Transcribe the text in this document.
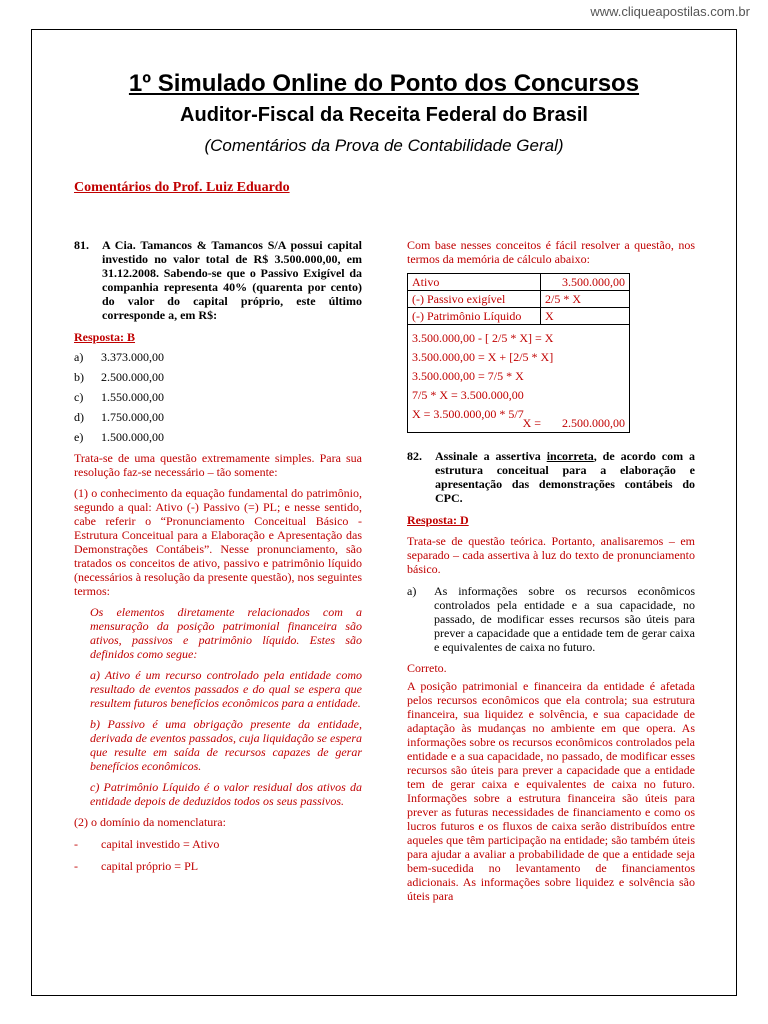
www.cliqueapostilas.com.br
1º Simulado Online do Ponto dos Concursos
Auditor-Fiscal da Receita Federal do Brasil
(Comentários da Prova de Contabilidade Geral)
Comentários do Prof. Luiz Eduardo
81.	A Cia. Tamancos & Tamancos S/A possui capital investido no valor total de R$ 3.500.000,00, em 31.12.2008. Sabendo-se que o Passivo Exigível da companhia representa 40% (quarenta por cento) do valor do capital próprio, este último corresponde a, em R$:
Resposta: B
a)	3.373.000,00
b)	2.500.000,00
c)	1.550.000,00
d)	1.750.000,00
e)	1.500.000,00
Trata-se de uma questão extremamente simples. Para sua resolução faz-se necessário – tão somente:
(1) o conhecimento da equação fundamental do patrimônio, segundo a qual: Ativo (-) Passivo (=) PL; e nesse sentido, cabe referir o “Pronunciamento Conceitual Básico - Estrutura Conceitual para a Elaboração e Apresentação das Demonstrações Contábeis”. Nesse pronunciamento, são tratados os conceitos de ativo, passivo e patrimônio líquido (necessários à resolução da presente questão), nos seguintes termos:
Os elementos diretamente relacionados com a mensuração da posição patrimonial financeira são ativos, passivos e patrimônio líquido. Estes são definidos como segue:
a) Ativo é um recurso controlado pela entidade como resultado de eventos passados e do qual se espera que resultem futuros benefícios econômicos para a entidade.
b) Passivo é uma obrigação presente da entidade, derivada de eventos passados, cuja liquidação se espera que resulte em saída de recursos capazes de gerar benefícios econômicos.
c) Patrimônio Líquido é o valor residual dos ativos da entidade depois de deduzidos todos os seus passivos.
(2) o domínio da nomenclatura:
-	capital investido = Ativo
-	capital próprio = PL
Com base nesses conceitos é fácil resolver a questão, nos termos da memória de cálculo abaixo:
Ativo	3.500.000,00
(-) Passivo exigível	2/5 * X
(-) Patrimônio Líquido	X
3.500.000,00 - [ 2/5 * X] = X
3.500.000,00 = X + [2/5 * X]
3.500.000,00 = 7/5 * X
7/5 * X = 3.500.000,00
X = 3.500.000,00 * 5/7
X =       2.500.000,00
82.	Assinale a assertiva incorreta, de acordo com a estrutura conceitual para a elaboração e apresentação das demonstrações contábeis do CPC.
Resposta: D
Trata-se de questão teórica. Portanto, analisaremos – em separado – cada assertiva à luz do texto de pronunciamento básico.
a)	As informações sobre os recursos econômicos controlados pela entidade e a sua capacidade, no passado, de modificar esses recursos são úteis para prever a capacidade que a entidade tem de gerar caixa e equivalentes de caixa no futuro.
Correto.
A posição patrimonial e financeira da entidade é afetada pelos recursos econômicos que ela controla; sua estrutura financeira, sua liquidez e solvência, e sua capacidade de adaptação às mudanças no ambiente em que opera. As informações sobre os recursos econômicos controlados pela entidade e a sua capacidade, no passado, de modificar esses recursos são úteis para prever a capacidade que a entidade tem de gerar caixa e equivalentes de caixa no futuro. Informações sobre a estrutura financeira são úteis para prever as futuras necessidades de financiamento e como os lucros futuros e os fluxos de caixa serão distribuídos entre aqueles que têm participação na entidade; são também úteis para ajudar a avaliar a probabilidade de que a entidade seja bem-sucedida no levantamento de financiamentos adicionais. As informações sobre liquidez e solvência são úteis para
